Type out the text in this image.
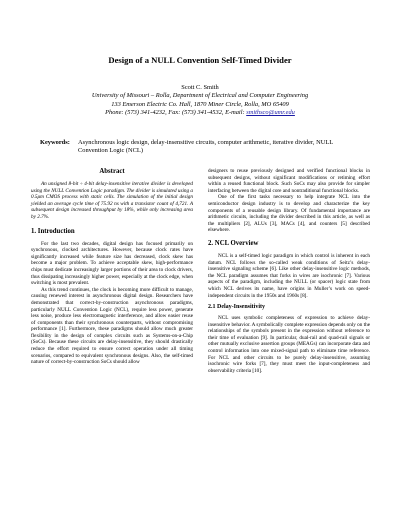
Design of a NULL Convention Self-Timed Divider
Scott C. Smith
University of Missouri – Rolla, Department of Electrical and Computer Engineering
133 Emerson Electric Co. Hall, 1870 Miner Circle, Rolla, MO 65409
Phone: (573) 341-4232, Fax: (573) 341-4532, E-mail: smithsco@umr.edu
Keywords: Asynchronous logic design, delay-insensitive circuits, computer arithmetic, iterative divider, NULL Convention Logic (NCL)
Abstract

An unsigned 8-bit ÷ 4-bit delay-insensitive iterative divider is developed using the NULL Convention Logic paradigm. The divider is simulated using a 0.5μm CMOS process with static cells. The simulation of the initial design yielded an average cycle time of 75.92 ns with a transistor count of 4,721. A subsequent design increased throughput by 18%, while only increasing area by 2.7%.

1. Introduction

For the last two decades, digital design has focused primarily on synchronous, clocked architectures. However, because clock rates have significantly increased while feature size has decreased, clock skew has become a major problem. To achieve acceptable skew, high-performance chips must dedicate increasingly larger portions of their area to clock drivers, thus dissipating increasingly higher power, especially at the clock edge, when switching is most prevalent.

As this trend continues, the clock is becoming more difficult to manage, causing renewed interest in asynchronous digital design. Researchers have demonstrated that correct-by-construction asynchronous paradigms, particularly NULL Convention Logic (NCL), require less power, generate less noise, produce less electromagnetic interference, and allow easier reuse of components than their synchronous counterparts, without compromising performance [1]. Furthermore, these paradigms should allow much greater flexibility in the design of complex circuits such as Systems-on-a-Chip (SoCs). Because these circuits are delay-insensitive, they should drastically reduce the effort required to ensure correct operation under all timing scenarios, compared to equivalent synchronous designs. Also, the self-timed nature of correct-by-construction SoCs should allow

designers to reuse previously designed and verified functional blocks in subsequent designs, without significant modifications or retiming effort within a reused functional block. Such SoCs may also provide for simpler interfacing between the digital core and nontraditional functional blocks.

One of the first tasks necessary to help integrate NCL into the semiconductor design industry is to develop and characterize the key components of a reusable design library. Of fundamental importance are arithmetic circuits, including the divider described in this article, as well as the multipliers [2], ALUs [3], MACs [4], and counters [5] described elsewhere.

2. NCL Overview

NCL is a self-timed logic paradigm in which control is inherent in each datum. NCL follows the so-called weak conditions of Seitz’s delay-insensitive signaling scheme [6]. Like other delay-insensitive logic methods, the NCL paradigm assumes that forks in wires are isochronic [7]. Various aspects of the paradigm, including the NULL (or spacer) logic state from which NCL derives its name, have origins in Muller’s work on speed-independent circuits in the 1950s and 1960s [8].

2.1 Delay-Insensitivity

NCL uses symbolic completeness of expression to achieve delay-insensitive behavior. A symbolically complete expression depends only on the relationships of the symbols present in the expression without reference to their time of evaluation [9]. In particular, dual-rail and quad-rail signals or other mutually exclusive assertion groups (MEAGs) can incorporate data and control information into one mixed-signal path to eliminate time reference. For NCL and other circuits to be purely delay-insensitive, assuming isochronic wire forks [7], they must meet the input-completeness and observability criteria [10].
